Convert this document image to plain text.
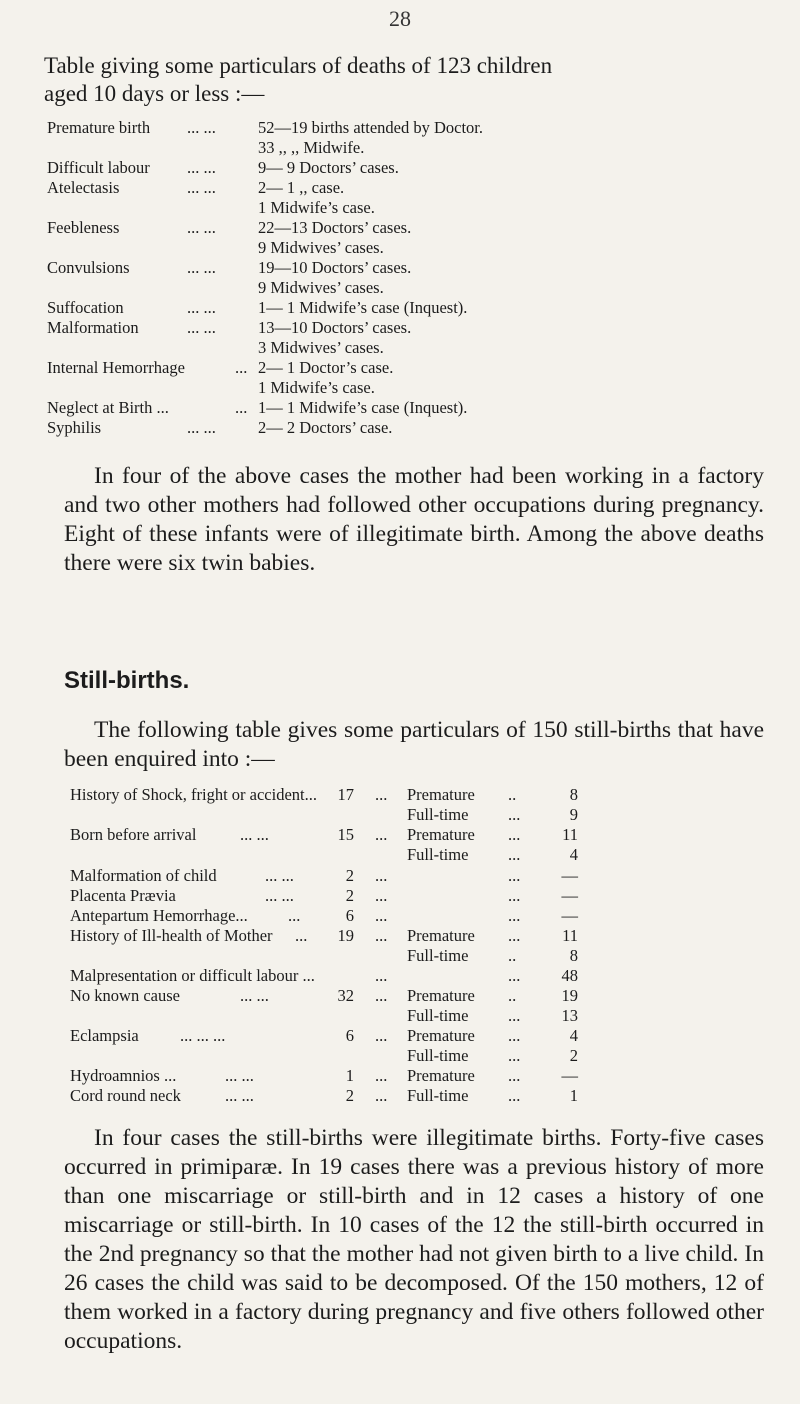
28
Table giving some particulars of deaths of 123 children
aged 10 days or less :—
Premature birth	... ...	52—19 births attended by Doctor.
33 ,, ,, Midwife.
Difficult labour	... ...	9— 9 Doctors’ cases.
Atelectasis	... ...	2— 1 ,, case.
1 Midwife’s case.
Feebleness	... ...	22—13 Doctors’ cases.
9 Midwives’ cases.
Convulsions	... ...	19—10 Doctors’ cases.
9 Midwives’ cases.
Suffocation	... ...	1— 1 Midwife’s case (Inquest).
Malformation	... ...	13—10 Doctors’ cases.
3 Midwives’ cases.
Internal Hemorrhage	... 2— 1 Doctor’s case.
1 Midwife’s case.
Neglect at Birth ...	... 1— 1 Midwife’s case (Inquest).
Syphilis	... ...	2— 2 Doctors’ case.
In four of the above cases the mother had been working in a factory and two other mothers had followed other occupations during pregnancy. Eight of these infants were of illegitimate birth. Among the above deaths there were six twin babies.
Still-births.
The following table gives some particulars of 150 still-births that have been enquired into :—
History of Shock, fright or accident...	17 ... Premature ..	8
Full-time ...	9
Born before arrival	... ...	15 ... Premature ...	11
Full-time ...	4
Malformation of child	... ...	2 ...	...	—
Placenta Prævia	... ...	2 ...	...	—
Antepartum Hemorrhage... ...	6 ...	...	—
History of Ill-health of Mother ...	19 ... Premature ...	11
Full-time ..	8
Malpresentation or difficult labour ...	...	...	48
No known cause	... ...	32 ... Premature ..	19
Full-time ...	13
Eclampsia	... ... ...	6 ... Premature ...	4
Full-time ...	2
Hydroamnios ...	... ...	1 ... Premature ...	—
Cord round neck	... ...	2 ... Full-time ...	1
In four cases the still-births were illegitimate births. Forty-five cases occurred in primiparæ. In 19 cases there was a previous history of more than one miscarriage or still-birth and in 12 cases a history of one miscarriage or still-birth. In 10 cases of the 12 the still-birth occurred in the 2nd pregnancy so that the mother had not given birth to a live child. In 26 cases the child was said to be decomposed. Of the 150 mothers, 12 of them worked in a factory during pregnancy and five others followed other occupations.
